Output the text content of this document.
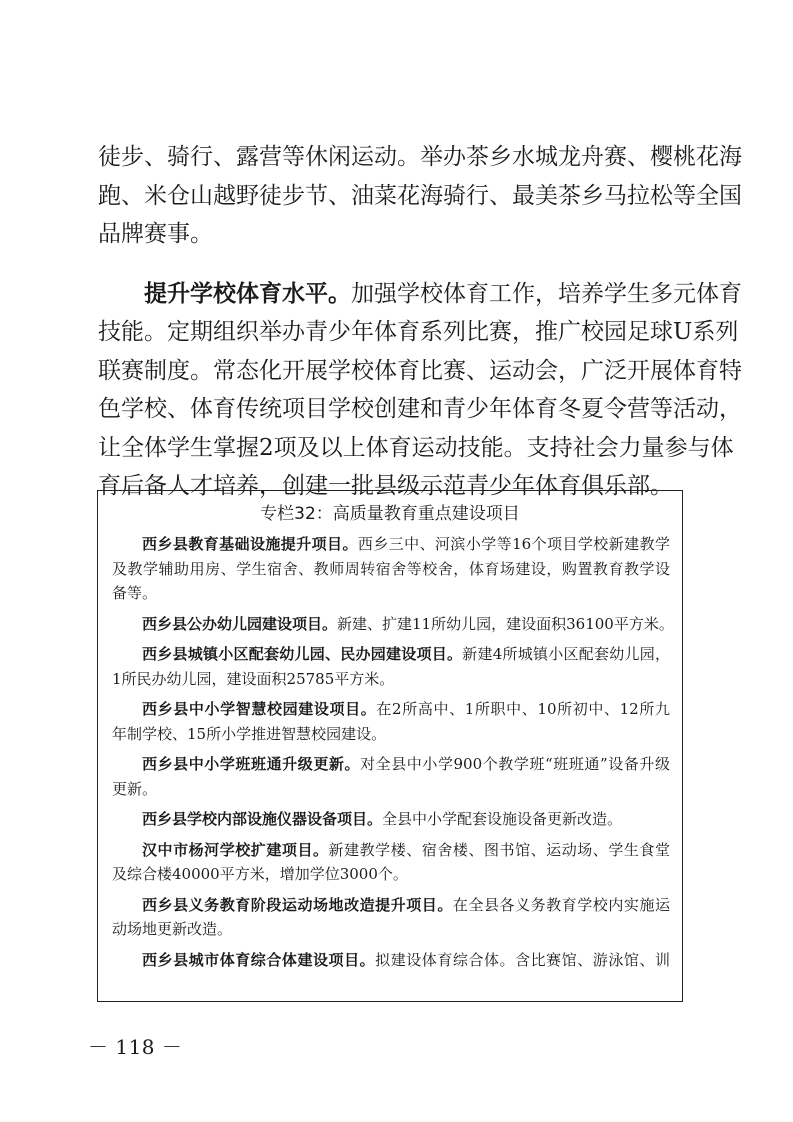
徒步、骑行、露营等休闲运动。举办茶乡水城龙舟赛、樱桃花海
跑、米仓山越野徒步节、油菜花海骑行、最美茶乡马拉松等全国
品牌赛事。
提升学校体育水平。加强学校体育工作，培养学生多元体育
技能。定期组织举办青少年体育系列比赛，推广校园足球U系列
联赛制度。常态化开展学校体育比赛、运动会，广泛开展体育特
色学校、体育传统项目学校创建和青少年体育冬夏令营等活动，
让全体学生掌握2项及以上体育运动技能。支持社会力量参与体
育后备人才培养，创建一批县级示范青少年体育俱乐部。
专栏32：高质量教育重点建设项目
西乡县教育基础设施提升项目。西乡三中、河滨小学等16个项目学校新建教学
及教学辅助用房、学生宿舍、教师周转宿舍等校舍，体育场建设，购置教育教学设
备等。
西乡县公办幼儿园建设项目。新建、扩建11所幼儿园，建设面积36100平方米。
西乡县城镇小区配套幼儿园、民办园建设项目。新建4所城镇小区配套幼儿园，
1所民办幼儿园，建设面积25785平方米。
西乡县中小学智慧校园建设项目。在2所高中、1所职中、10所初中、12所九
年制学校、15所小学推进智慧校园建设。
西乡县中小学班班通升级更新。对全县中小学900个教学班“班班通”设备升级
更新。
西乡县学校内部设施仪器设备项目。全县中小学配套设施设备更新改造。
汉中市杨河学校扩建项目。新建教学楼、宿舍楼、图书馆、运动场、学生食堂
及综合楼40000平方米，增加学位3000个。
西乡县义务教育阶段运动场地改造提升项目。在全县各义务教育学校内实施运
动场地更新改造。
西乡县城市体育综合体建设项目。拟建设体育综合体。含比赛馆、游泳馆、训
－ 118 －
